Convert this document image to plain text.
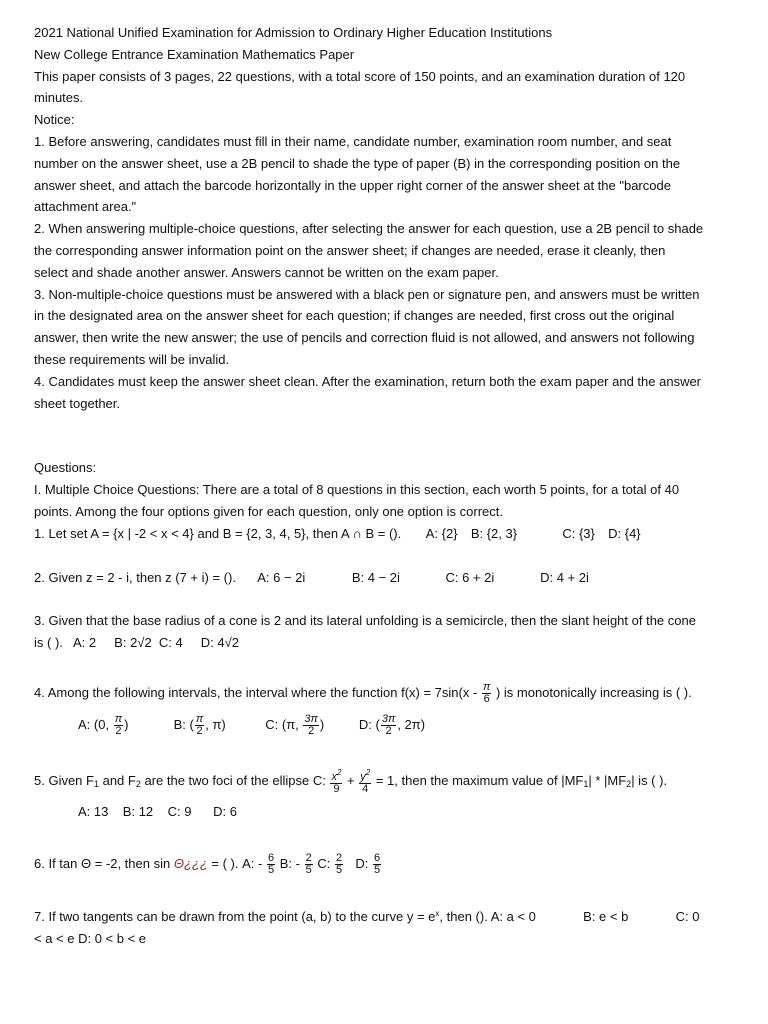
2021 National Unified Examination for Admission to Ordinary Higher Education Institutions

New College Entrance Examination Mathematics Paper

This paper consists of 3 pages, 22 questions, with a total score of 150 points, and an examination duration of 120

minutes.

Notice:

1. Before answering, candidates must fill in their name, candidate number, examination room number, and seat

number on the answer sheet, use a 2B pencil to shade the type of paper (B) in the corresponding position on the

answer sheet, and attach the barcode horizontally in the upper right corner of the answer sheet at the "barcode

attachment area."

2. When answering multiple-choice questions, after selecting the answer for each question, use a 2B pencil to shade

the corresponding answer information point on the answer sheet; if changes are needed, erase it cleanly, then

select and shade another answer. Answers cannot be written on the exam paper.

3. Non-multiple-choice questions must be answered with a black pen or signature pen, and answers must be written

in the designated area on the answer sheet for each question; if changes are needed, first cross out the original

answer, then write the new answer; the use of pencils and correction fluid is not allowed, and answers not following

these requirements will be invalid.

4. Candidates must keep the answer sheet clean. After the examination, return both the exam paper and the answer

sheet together.

Questions:

I. Multiple Choice Questions: There are a total of 8 questions in this section, each worth 5 points, for a total of 40

points. Among the four options given for each question, only one option is correct.

1. Let set A = {x | -2 < x < 4} and B = {2, 3, 4, 5}, then A ∩ B = (). A: {2} B: {2, 3}	C: {3} D: {4}

2. Given z = 2 - i, then z (7 + i) = (). A: 6 − 2i	B: 4 − 2i	C: 6 + 2i	D: 4 + 2i

3. Given that the base radius of a cone is 2 and its lateral unfolding is a semicircle, then the slant height of the cone

is ( ).   A: 2     B: 2√2  C: 4     D: 4√2

4. Among the following intervals, the interval where the function $f(x) = 7\sin(x - \frac{\pi}{6}$ ) is monotonically increasing is ( ).

A: (0, $\frac{\pi}{2}$ )	B: ( $\frac{\pi}{2}$ , π)	C: (π, $\frac{3\pi}{2}$ )	D: ( $\frac{3\pi}{2}$ , 2π)

5. Given $F_1$ and $F_2$ are the two foci of the ellipse C: $\frac{x^2}{9} + \frac{y^2}{4} = 1$, then the maximum value of $|MF_1| * |MF_2|$ is ( ).

A: 13    B: 12    C: 9      D: 6

6. If tan Θ = -2, then sin Θ¿¿¿ = ( ). A: - $\frac{6}{5} B$: - $\frac{2}{5} C$: $\frac{2}{5} D$: $\frac{6}{5}$

7. If two tangents can be drawn from the point (a, b) to the curve $y = e^x$, then (). A: a < 0	B: e < b	C: 0

< a < e D: 0 < b < e
